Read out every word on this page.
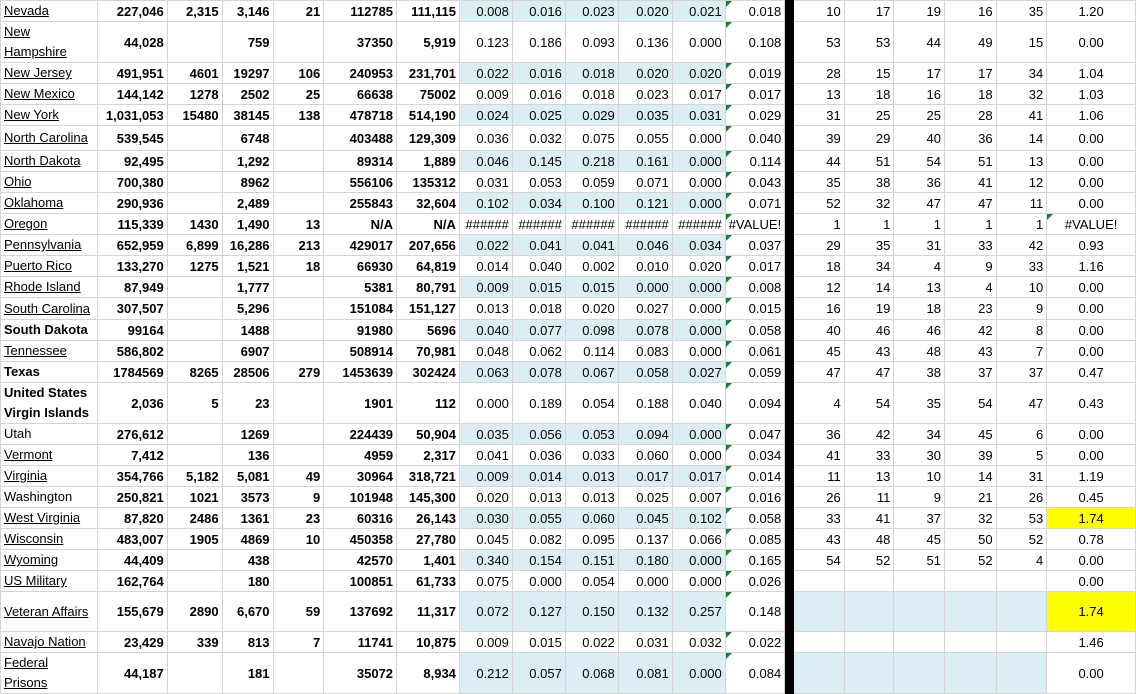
Nevada	227,046	2,315	3,146	21	112785	111,115	0.008	0.016	0.023	0.020	0.021	0.018		10	17	19	16	35	1.20
New Hampshire	44,028		759		37350	5,919	0.123	0.186	0.093	0.136	0.000	0.108		53	53	44	49	15	0.00
New Jersey	491,951	4601	19297	106	240953	231,701	0.022	0.016	0.018	0.020	0.020	0.019		28	15	17	17	34	1.04
New Mexico	144,142	1278	2502	25	66638	75002	0.009	0.016	0.018	0.023	0.017	0.017		13	18	16	18	32	1.03
New York	1,031,053	15480	38145	138	478718	514,190	0.024	0.025	0.029	0.035	0.031	0.029		31	25	25	28	41	1.06
North Carolina	539,545		6748		403488	129,309	0.036	0.032	0.075	0.055	0.000	0.040		39	29	40	36	14	0.00
North Dakota	92,495		1,292		89314	1,889	0.046	0.145	0.218	0.161	0.000	0.114		44	51	54	51	13	0.00
Ohio	700,380		8962		556106	135312	0.031	0.053	0.059	0.071	0.000	0.043		35	38	36	41	12	0.00
Oklahoma	290,936		2,489		255843	32,604	0.102	0.034	0.100	0.121	0.000	0.071		52	32	47	47	11	0.00
Oregon	115,339	1430	1,490	13	N/A	N/A	######	######	######	######	######	#VALUE!		1	1	1	1	1	#VALUE!
Pennsylvania	652,959	6,899	16,286	213	429017	207,656	0.022	0.041	0.041	0.046	0.034	0.037		29	35	31	33	42	0.93
Puerto Rico	133,270	1275	1,521	18	66930	64,819	0.014	0.040	0.002	0.010	0.020	0.017		18	34	4	9	33	1.16
Rhode Island	87,949		1,777		5381	80,791	0.009	0.015	0.015	0.000	0.000	0.008		12	14	13	4	10	0.00
South Carolina	307,507		5,296		151084	151,127	0.013	0.018	0.020	0.027	0.000	0.015		16	19	18	23	9	0.00
South Dakota	99164		1488		91980	5696	0.040	0.077	0.098	0.078	0.000	0.058		40	46	46	42	8	0.00
Tennessee	586,802		6907		508914	70,981	0.048	0.062	0.114	0.083	0.000	0.061		45	43	48	43	7	0.00
Texas	1784569	8265	28506	279	1453639	302424	0.063	0.078	0.067	0.058	0.027	0.059		47	47	38	37	37	0.47
United States Virgin Islands	2,036	5	23		1901	112	0.000	0.189	0.054	0.188	0.040	0.094		4	54	35	54	47	0.43
Utah	276,612		1269		224439	50,904	0.035	0.056	0.053	0.094	0.000	0.047		36	42	34	45	6	0.00
Vermont	7,412		136		4959	2,317	0.041	0.036	0.033	0.060	0.000	0.034		41	33	30	39	5	0.00
Virginia	354,766	5,182	5,081	49	30964	318,721	0.009	0.014	0.013	0.017	0.017	0.014		11	13	10	14	31	1.19
Washington	250,821	1021	3573	9	101948	145,300	0.020	0.013	0.013	0.025	0.007	0.016		26	11	9	21	26	0.45
West Virginia	87,820	2486	1361	23	60316	26,143	0.030	0.055	0.060	0.045	0.102	0.058		33	41	37	32	53	1.74
Wisconsin	483,007	1905	4869	10	450358	27,780	0.045	0.082	0.095	0.137	0.066	0.085		43	48	45	50	52	0.78
Wyoming	44,409		438		42570	1,401	0.340	0.154	0.151	0.180	0.000	0.165		54	52	51	52	4	0.00
US Military	162,764		180		100851	61,733	0.075	0.000	0.054	0.000	0.000	0.026							0.00
Veteran Affairs	155,679	2890	6,670	59	137692	11,317	0.072	0.127	0.150	0.132	0.257	0.148							1.74
Navajo Nation	23,429	339	813	7	11741	10,875	0.009	0.015	0.022	0.031	0.032	0.022							1.46
Federal Prisons	44,187		181		35072	8,934	0.212	0.057	0.068	0.081	0.000	0.084							0.00
